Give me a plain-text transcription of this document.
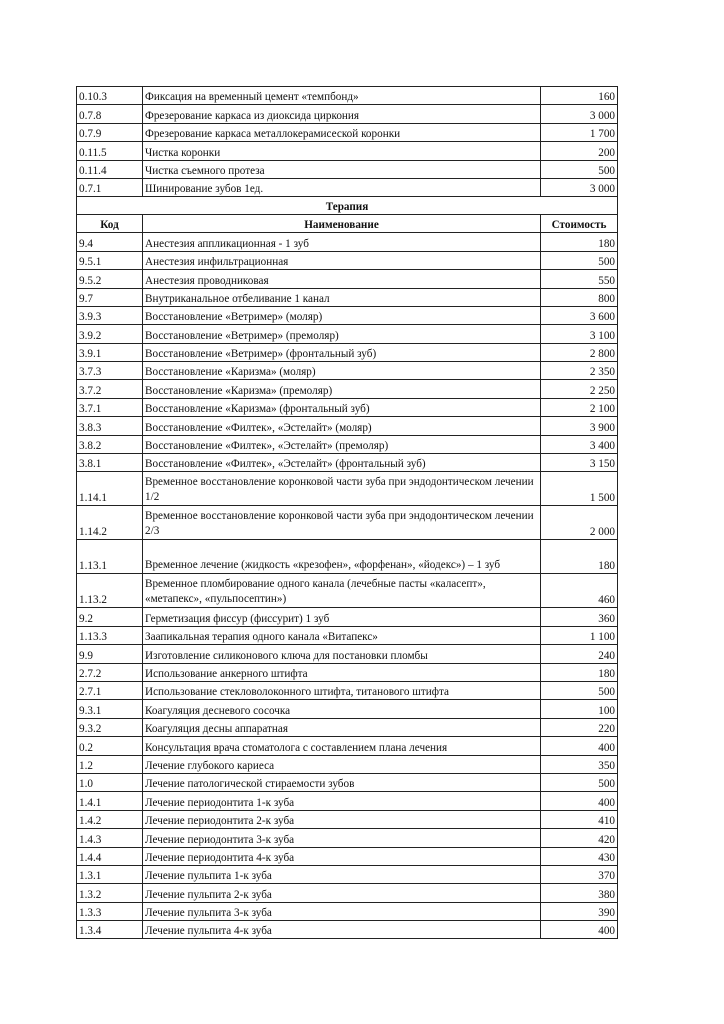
0.10.3	Фиксация на временный цемент «темпбонд»	160
0.7.8	Фрезерование каркаса из диоксида циркония	3 000
0.7.9	Фрезерование каркаса металлокерамисеской коронки	1 700
0.11.5	Чистка коронки	200
0.11.4	Чистка съемного протеза	500
0.7.1	Шинирование зубов 1ед.	3 000
Терапия		
Код	Наименование	Стоимость
9.4	Анестезия аппликационная - 1 зуб	180
9.5.1	Анестезия инфильтрационная	500
9.5.2	Анестезия проводниковая	550
9.7	Внутриканальное отбеливание 1 канал	800
3.9.3	Восстановление «Ветример» (моляр)	3 600
3.9.2	Восстановление «Ветример» (премоляр)	3 100
3.9.1	Восстановление «Ветример» (фронтальный зуб)	2 800
3.7.3	Восстановление «Каризма» (моляр)	2 350
3.7.2	Восстановление «Каризма» (премоляр)	2 250
3.7.1	Восстановление «Каризма» (фронтальный зуб)	2 100
3.8.3	Восстановление «Филтек», «Эстелайт» (моляр)	3 900
3.8.2	Восстановление «Филтек», «Эстелайт» (премоляр)	3 400
3.8.1	Восстановление «Филтек», «Эстелайт» (фронтальный зуб)	3 150
1.14.1	Временное восстановление коронковой части зуба при эндодонтическом лечении 1/2	1 500
1.14.2	Временное восстановление коронковой части зуба при эндодонтическом лечении 2/3	2 000
1.13.1	Временное лечение (жидкость «крезофен», «форфенан», «йодекс») – 1 зуб	180
1.13.2	Временное пломбирование одного канала (лечебные пасты «каласепт», «метапекс», «пульпосептин»)	460
9.2	Герметизация фиссур (фиссурит) 1 зуб	360
1.13.3	Заапикальная терапия одного канала «Витапекс»	1 100
9.9	Изготовление силиконового ключа для постановки пломбы	240
2.7.2	Использование анкерного штифта	180
2.7.1	Использование стекловолоконного штифта, титанового штифта	500
9.3.1	Коагуляция десневого сосочка	100
9.3.2	Коагуляция десны аппаратная	220
0.2	Консультация врача стоматолога с составлением плана лечения	400
1.2	Лечение глубокого кариеса	350
1.0	Лечение патологической стираемости зубов	500
1.4.1	Лечение периодонтита 1-к зуба	400
1.4.2	Лечение периодонтита 2-к зуба	410
1.4.3	Лечение периодонтита 3-к зуба	420
1.4.4	Лечение периодонтита 4-к зуба	430
1.3.1	Лечение пульпита 1-к зуба	370
1.3.2	Лечение пульпита 2-к зуба	380
1.3.3	Лечение пульпита 3-к зуба	390
1.3.4	Лечение пульпита 4-к зуба	400
